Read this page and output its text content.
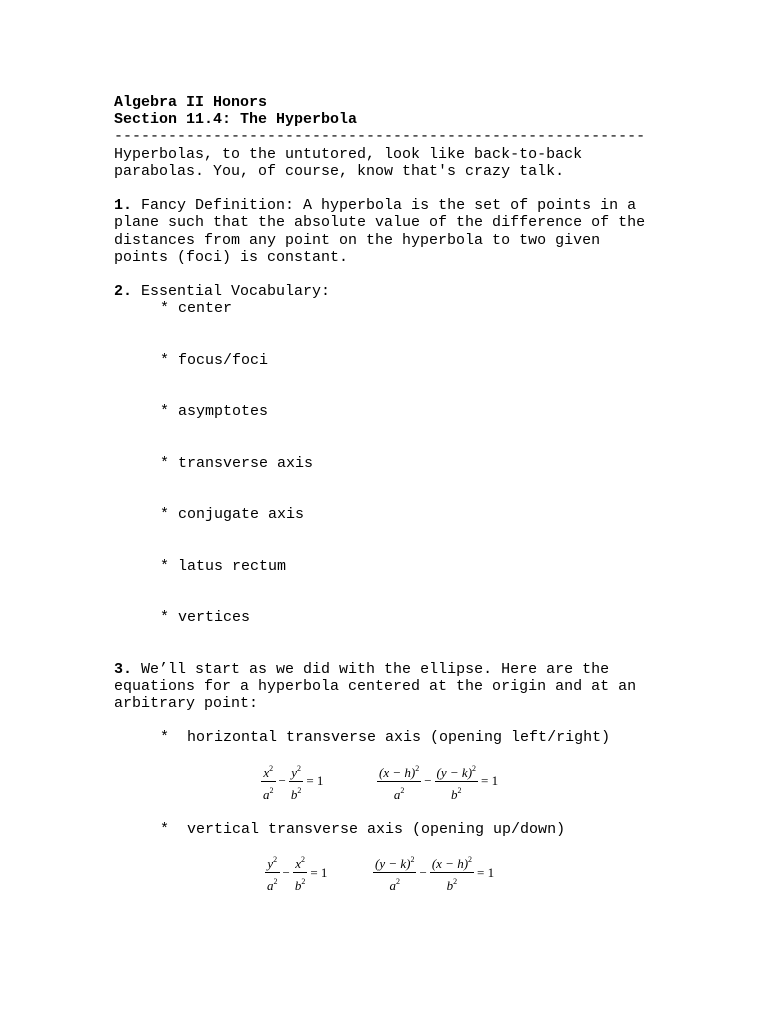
Algebra II Honors
Section 11.4: The Hyperbola
-----------------------------------------------------------
Hyperbolas, to the untutored, look like back-to-back
parabolas. You, of course, know that's crazy talk.
1. Fancy Definition: A hyperbola is the set of points in a
plane such that the absolute value of the difference of the
distances from any point on the hyperbola to two given
points (foci) is constant.
2. Essential Vocabulary:
* center
* focus/foci
* asymptotes
* transverse axis
* conjugate axis
* latus rectum
* vertices
3. We’ll start as we did with the ellipse. Here are the
equations for a hyperbola centered at the origin and at an
arbitrary point:
*  horizontal transverse axis (opening left/right)
$\frac{x^2}{a^2} - \frac{y^2}{b^2} = 1$	$\frac{(x - h)^2}{a^2} - \frac{(y - k)^2}{b^2} = 1$
*  vertical transverse axis (opening up/down)
$\frac{y^2}{a^2} - \frac{x^2}{b^2} = 1$	$\frac{(y - k)^2}{a^2} - \frac{(x - h)^2}{b^2} = 1$
